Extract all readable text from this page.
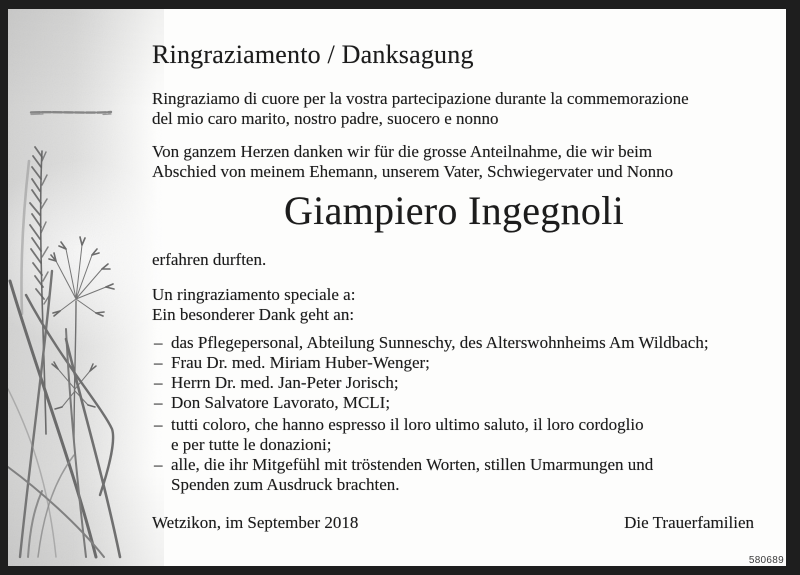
Ringraziamento / Danksagung
Ringraziamo di cuore per la vostra partecipazione durante la commemorazione
del mio caro marito, nostro padre, suocero e nonno
Von ganzem Herzen danken wir für die grosse Anteilnahme, die wir beim
Abschied von meinem Ehemann, unserem Vater, Schwiegervater und Nonno
Giampiero Ingegnoli
erfahren durften.
Un ringraziamento speciale a:
Ein besonderer Dank geht an:
– das Pflegepersonal, Abteilung Sunneschy, des Alterswohnheims Am Wildbach;
– Frau Dr. med. Miriam Huber-Wenger;
– Herrn Dr. med. Jan-Peter Jorisch;
– Don Salvatore Lavorato, MCLI;
– tutti coloro, che hanno espresso il loro ultimo saluto, il loro cordoglio
e per tutte le donazioni;
– alle, die ihr Mitgefühl mit tröstenden Worten, stillen Umarmungen und
Spenden zum Ausdruck brachten.
Wetzikon, im September 2018	Die Trauerfamilien
580689
